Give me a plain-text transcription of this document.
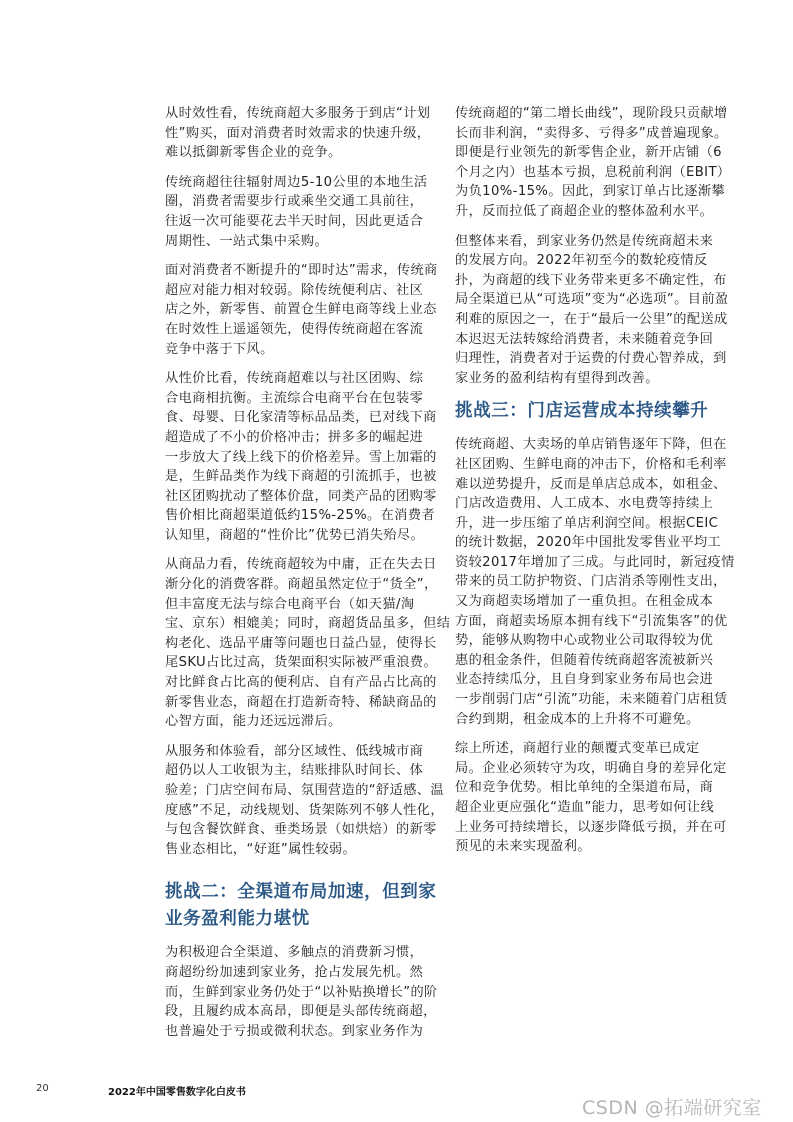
从时效性看，传统商超大多服务于到店“计划
性”购买，面对消费者时效需求的快速升级，
难以抵御新零售企业的竞争。
传统商超往往辐射周边5-10公里的本地生活
圈，消费者需要步行或乘坐交通工具前往，
往返一次可能要花去半天时间，因此更适合
周期性、一站式集中采购。
面对消费者不断提升的“即时达”需求，传统商
超应对能力相对较弱。除传统便利店、社区
店之外，新零售、前置仓生鲜电商等线上业态
在时效性上遥遥领先，使得传统商超在客流
竞争中落于下风。
从性价比看，传统商超难以与社区团购、综
合电商相抗衡。主流综合电商平台在包装零
食、母婴、日化家清等标品品类，已对线下商
超造成了不小的价格冲击；拼多多的崛起进
一步放大了线上线下的价格差异。雪上加霜的
是，生鲜品类作为线下商超的引流抓手，也被
社区团购扰动了整体价盘，同类产品的团购零
售价相比商超渠道低约15%-25%。在消费者
认知里，商超的“性价比”优势已消失殆尽。
从商品力看，传统商超较为中庸，正在失去日
渐分化的消费客群。商超虽然定位于“货全”，
但丰富度无法与综合电商平台（如天猫/淘
宝、京东）相媲美；同时，商超货品虽多，但结
构老化、选品平庸等问题也日益凸显，使得长
尾SKU占比过高，货架面积实际被严重浪费。
对比鲜食占比高的便利店、自有产品占比高的
新零售业态，商超在打造新奇特、稀缺商品的
心智方面，能力还远远滞后。
从服务和体验看，部分区域性、低线城市商
超仍以人工收银为主，结账排队时间长、体
验差；门店空间布局、氛围营造的“舒适感、温
度感”不足，动线规划、货架陈列不够人性化，
与包含餐饮鲜食、垂类场景（如烘焙）的新零
售业态相比，“好逛”属性较弱。
挑战二：全渠道布局加速，但到家
业务盈利能力堪忧
为积极迎合全渠道、多触点的消费新习惯，
商超纷纷加速到家业务，抢占发展先机。然
而，生鲜到家业务仍处于“以补贴换增长”的阶
段，且履约成本高昂，即便是头部传统商超，
也普遍处于亏损或微利状态。到家业务作为
传统商超的“第二增长曲线”，现阶段只贡献增
长而非利润，“卖得多、亏得多”成普遍现象。
即便是行业领先的新零售企业，新开店铺（6
个月之内）也基本亏损，息税前利润（EBIT）
为负10%-15%。因此，到家订单占比逐渐攀
升，反而拉低了商超企业的整体盈利水平。
但整体来看，到家业务仍然是传统商超未来
的发展方向。2022年初至今的数轮疫情反
扑，为商超的线下业务带来更多不确定性，布
局全渠道已从“可选项”变为“必选项”。目前盈
利难的原因之一，在于“最后一公里”的配送成
本迟迟无法转嫁给消费者，未来随着竞争回
归理性，消费者对于运费的付费心智养成，到
家业务的盈利结构有望得到改善。
挑战三：门店运营成本持续攀升
传统商超、大卖场的单店销售逐年下降，但在
社区团购、生鲜电商的冲击下，价格和毛利率
难以逆势提升，反而是单店总成本，如租金、
门店改造费用、人工成本、水电费等持续上
升，进一步压缩了单店利润空间。根据CEIC
的统计数据，2020年中国批发零售业平均工
资较2017年增加了三成。与此同时，新冠疫情
带来的员工防护物资、门店消杀等刚性支出，
又为商超卖场增加了一重负担。在租金成本
方面，商超卖场原本拥有线下“引流集客”的优
势，能够从购物中心或物业公司取得较为优
惠的租金条件，但随着传统商超客流被新兴
业态持续瓜分，且自身到家业务布局也会进
一步削弱门店“引流”功能，未来随着门店租赁
合约到期，租金成本的上升将不可避免。
综上所述，商超行业的颠覆式变革已成定
局。企业必须转守为攻，明确自身的差异化定
位和竞争优势。相比单纯的全渠道布局，商
超企业更应强化“造血”能力，思考如何让线
上业务可持续增长，以逐步降低亏损，并在可
预见的未来实现盈利。
20	2022年中国零售数字化白皮书
CSDN @拓端研究室
